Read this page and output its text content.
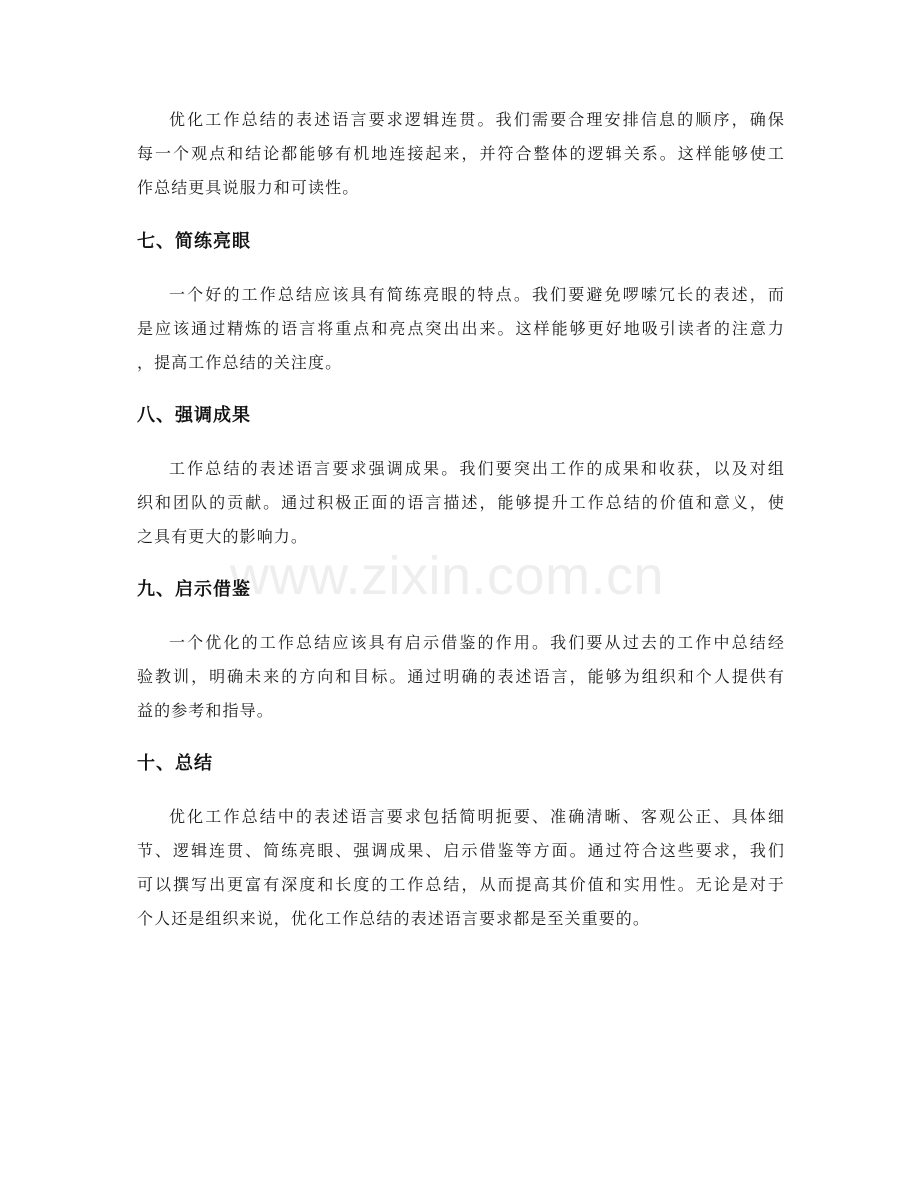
www.zixin.com.cn
优化工作总结的表述语言要求逻辑连贯。我们需要合理安排信息的顺序，确保
每一个观点和结论都能够有机地连接起来，并符合整体的逻辑关系。这样能够使工
作总结更具说服力和可读性。
七、简练亮眼
一个好的工作总结应该具有简练亮眼的特点。我们要避免啰嗦冗长的表述，而
是应该通过精炼的语言将重点和亮点突出出来。这样能够更好地吸引读者的注意力
，提高工作总结的关注度。
八、强调成果
工作总结的表述语言要求强调成果。我们要突出工作的成果和收获，以及对组
织和团队的贡献。通过积极正面的语言描述，能够提升工作总结的价值和意义，使
之具有更大的影响力。
九、启示借鉴
一个优化的工作总结应该具有启示借鉴的作用。我们要从过去的工作中总结经
验教训，明确未来的方向和目标。通过明确的表述语言，能够为组织和个人提供有
益的参考和指导。
十、总结
优化工作总结中的表述语言要求包括简明扼要、准确清晰、客观公正、具体细
节、逻辑连贯、简练亮眼、强调成果、启示借鉴等方面。通过符合这些要求，我们
可以撰写出更富有深度和长度的工作总结，从而提高其价值和实用性。无论是对于
个人还是组织来说，优化工作总结的表述语言要求都是至关重要的。
